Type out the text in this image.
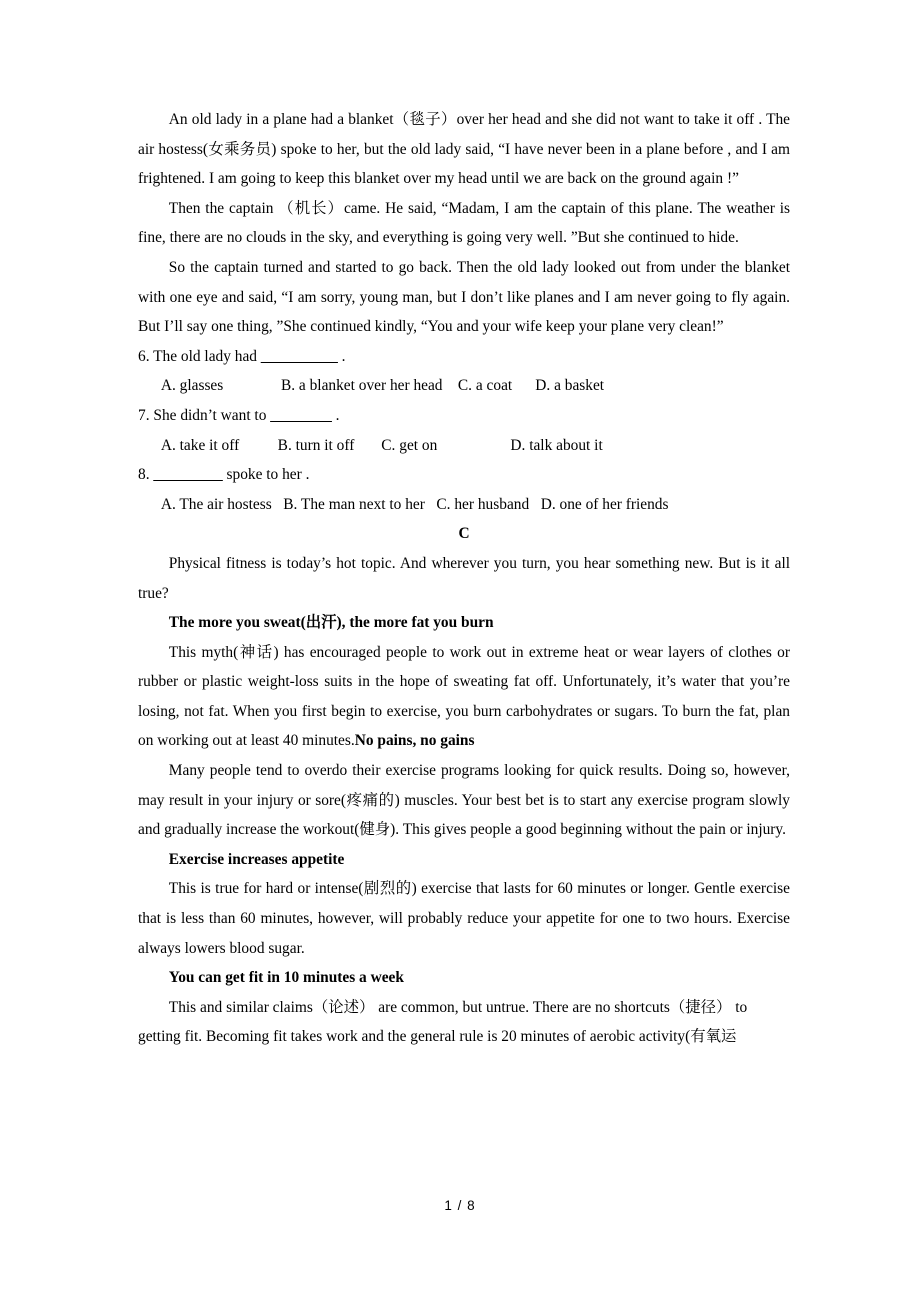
An old lady in a plane had a blanket（毯子）over her head and she did not want to take it off . The air hostess(女乘务员) spoke to her, but the old lady said, “I have never been in a plane before , and I am frightened. I am going to keep this blanket over my head until we are back on the ground again !”

Then the captain （机长）came. He said, “Madam, I am the captain of this plane. The weather is fine, there are no clouds in the sky, and everything is going very well. ”But she continued to hide.

So the captain turned and started to go back. Then the old lady looked out from under the blanket with one eye and said, “I am sorry, young man, but I don’t like planes and I am never going to fly again. But I’ll say one thing, ”She continued kindly, “You and your wife keep your plane very clean!”

6. The old lady had __________ .
A. glasses               B. a blanket over her head    C. a coat      D. a basket
7. She didn’t want to ________ .
A. take it off          B. turn it off       C. get on                   D. talk about it
8. _________ spoke to her .
A. The air hostess   B. The man next to her   C. her husband   D. one of her friends
C

Physical fitness is today’s hot topic. And wherever you turn, you hear something new. But is it all true?

The more you sweat(出汗), the more fat you burn

This myth(神话) has encouraged people to work out in extreme heat or wear layers of clothes or rubber or plastic weight-loss suits in the hope of sweating fat off. Unfortunately, it’s water that you’re losing, not fat. When you first begin to exercise, you burn carbohydrates or sugars. To burn the fat, plan on working out at least 40 minutes.No pains, no gains

Many people tend to overdo their exercise programs looking for quick results. Doing so, however, may result in your injury or sore(疼痛的) muscles. Your best bet is to start any exercise program slowly and gradually increase the workout(健身). This gives people a good beginning without the pain or injury.

Exercise increases appetite

This is true for hard or intense(剧烈的) exercise that lasts for 60 minutes or longer. Gentle exercise that is less than 60 minutes, however, will probably reduce your appetite for one to two hours. Exercise always lowers blood sugar.

You can get fit in 10 minutes a week

This and similar claims（论述） are common, but untrue. There are no shortcuts（捷径） to getting fit. Becoming fit takes work and the general rule is 20 minutes of aerobic activity(有氧运

1 / 8
